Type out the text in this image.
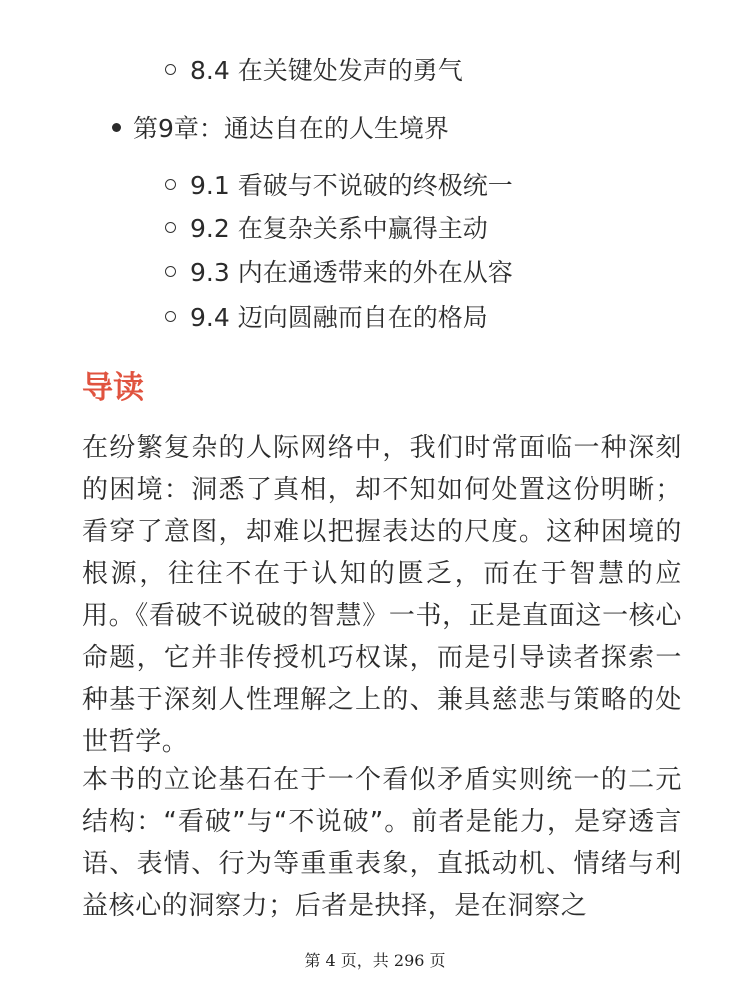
8.4 在关键处发声的勇气
第9章：通达自在的人生境界
9.1 看破与不说破的终极统一
9.2 在复杂关系中赢得主动
9.3 内在通透带来的外在从容
9.4 迈向圆融而自在的格局
导读
在纷繁复杂的人际网络中，我们时常面临一种深刻的困境：洞悉了真相，却不知如何处置这份明晰；看穿了意图，却难以把握表达的尺度。这种困境的根源，往往不在于认知的匮乏，而在于智慧的应用。《看破不说破的智慧》一书，正是直面这一核心命题，它并非传授机巧权谋，而是引导读者探索一种基于深刻人性理解之上的、兼具慈悲与策略的处世哲学。
本书的立论基石在于一个看似矛盾实则统一的二元结构：“看破”与“不说破”。前者是能力，是穿透言语、表情、行为等重重表象，直抵动机、情绪与利益核心的洞察力；后者是抉择，是在洞察之
第 4 页，共 296 页
